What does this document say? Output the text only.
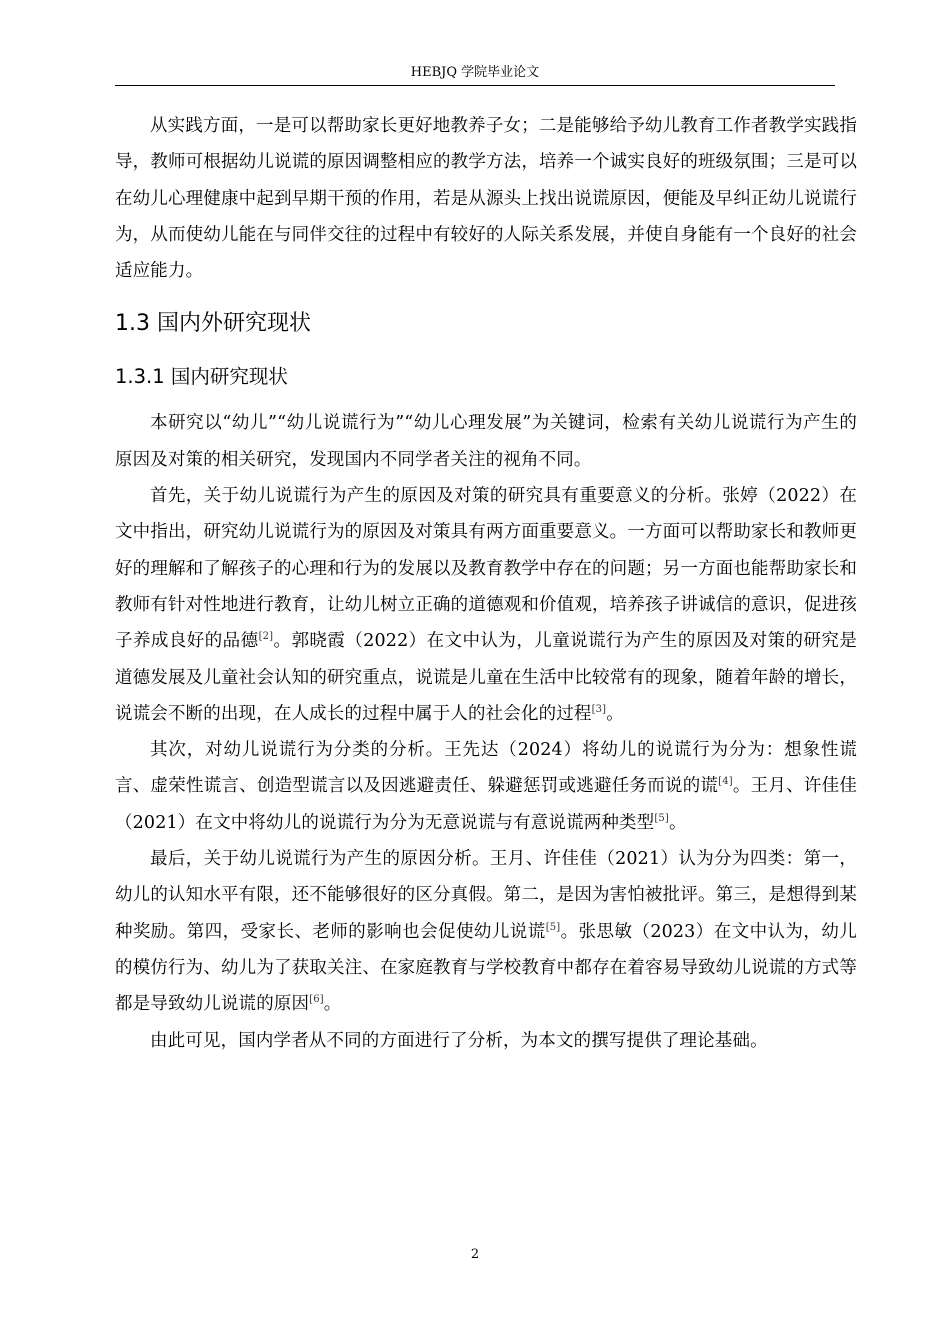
HEBJQ 学院毕业论文

从实践方面，一是可以帮助家长更好地教养子女；二是能够给予幼儿教育工作者教学实践指导，教师可根据幼儿说谎的原因调整相应的教学方法，培养一个诚实良好的班级氛围；三是可以在幼儿心理健康中起到早期干预的作用，若是从源头上找出说谎原因，便能及早纠正幼儿说谎行为，从而使幼儿能在与同伴交往的过程中有较好的人际关系发展，并使自身能有一个良好的社会适应能力。

1.3 国内外研究现状
1.3.1 国内研究现状

本研究以“幼儿”“幼儿说谎行为”“幼儿心理发展”为关键词，检索有关幼儿说谎行为产生的原因及对策的相关研究，发现国内不同学者关注的视角不同。

首先，关于幼儿说谎行为产生的原因及对策的研究具有重要意义的分析。张婷（2022）在文中指出，研究幼儿说谎行为的原因及对策具有两方面重要意义。一方面可以帮助家长和教师更好的理解和了解孩子的心理和行为的发展以及教育教学中存在的问题；另一方面也能帮助家长和教师有针对性地进行教育，让幼儿树立正确的道德观和价值观，培养孩子讲诚信的意识，促进孩子养成良好的品德[2]。郭晓霞（2022）在文中认为，儿童说谎行为产生的原因及对策的研究是道德发展及儿童社会认知的研究重点，说谎是儿童在生活中比较常有的现象，随着年龄的增长，说谎会不断的出现，在人成长的过程中属于人的社会化的过程[3]。

其次，对幼儿说谎行为分类的分析。王先达（2024）将幼儿的说谎行为分为：想象性谎言、虚荣性谎言、创造型谎言以及因逃避责任、躲避惩罚或逃避任务而说的谎[4]。王月、许佳佳（2021）在文中将幼儿的说谎行为分为无意说谎与有意说谎两种类型[5]。

最后，关于幼儿说谎行为产生的原因分析。王月、许佳佳（2021）认为分为四类：第一，幼儿的认知水平有限，还不能够很好的区分真假。第二，是因为害怕被批评。第三，是想得到某种奖励。第四，受家长、老师的影响也会促使幼儿说谎[5]。张思敏（2023）在文中认为，幼儿的模仿行为、幼儿为了获取关注、在家庭教育与学校教育中都存在着容易导致幼儿说谎的方式等都是导致幼儿说谎的原因[6]。

由此可见，国内学者从不同的方面进行了分析，为本文的撰写提供了理论基础。

2
